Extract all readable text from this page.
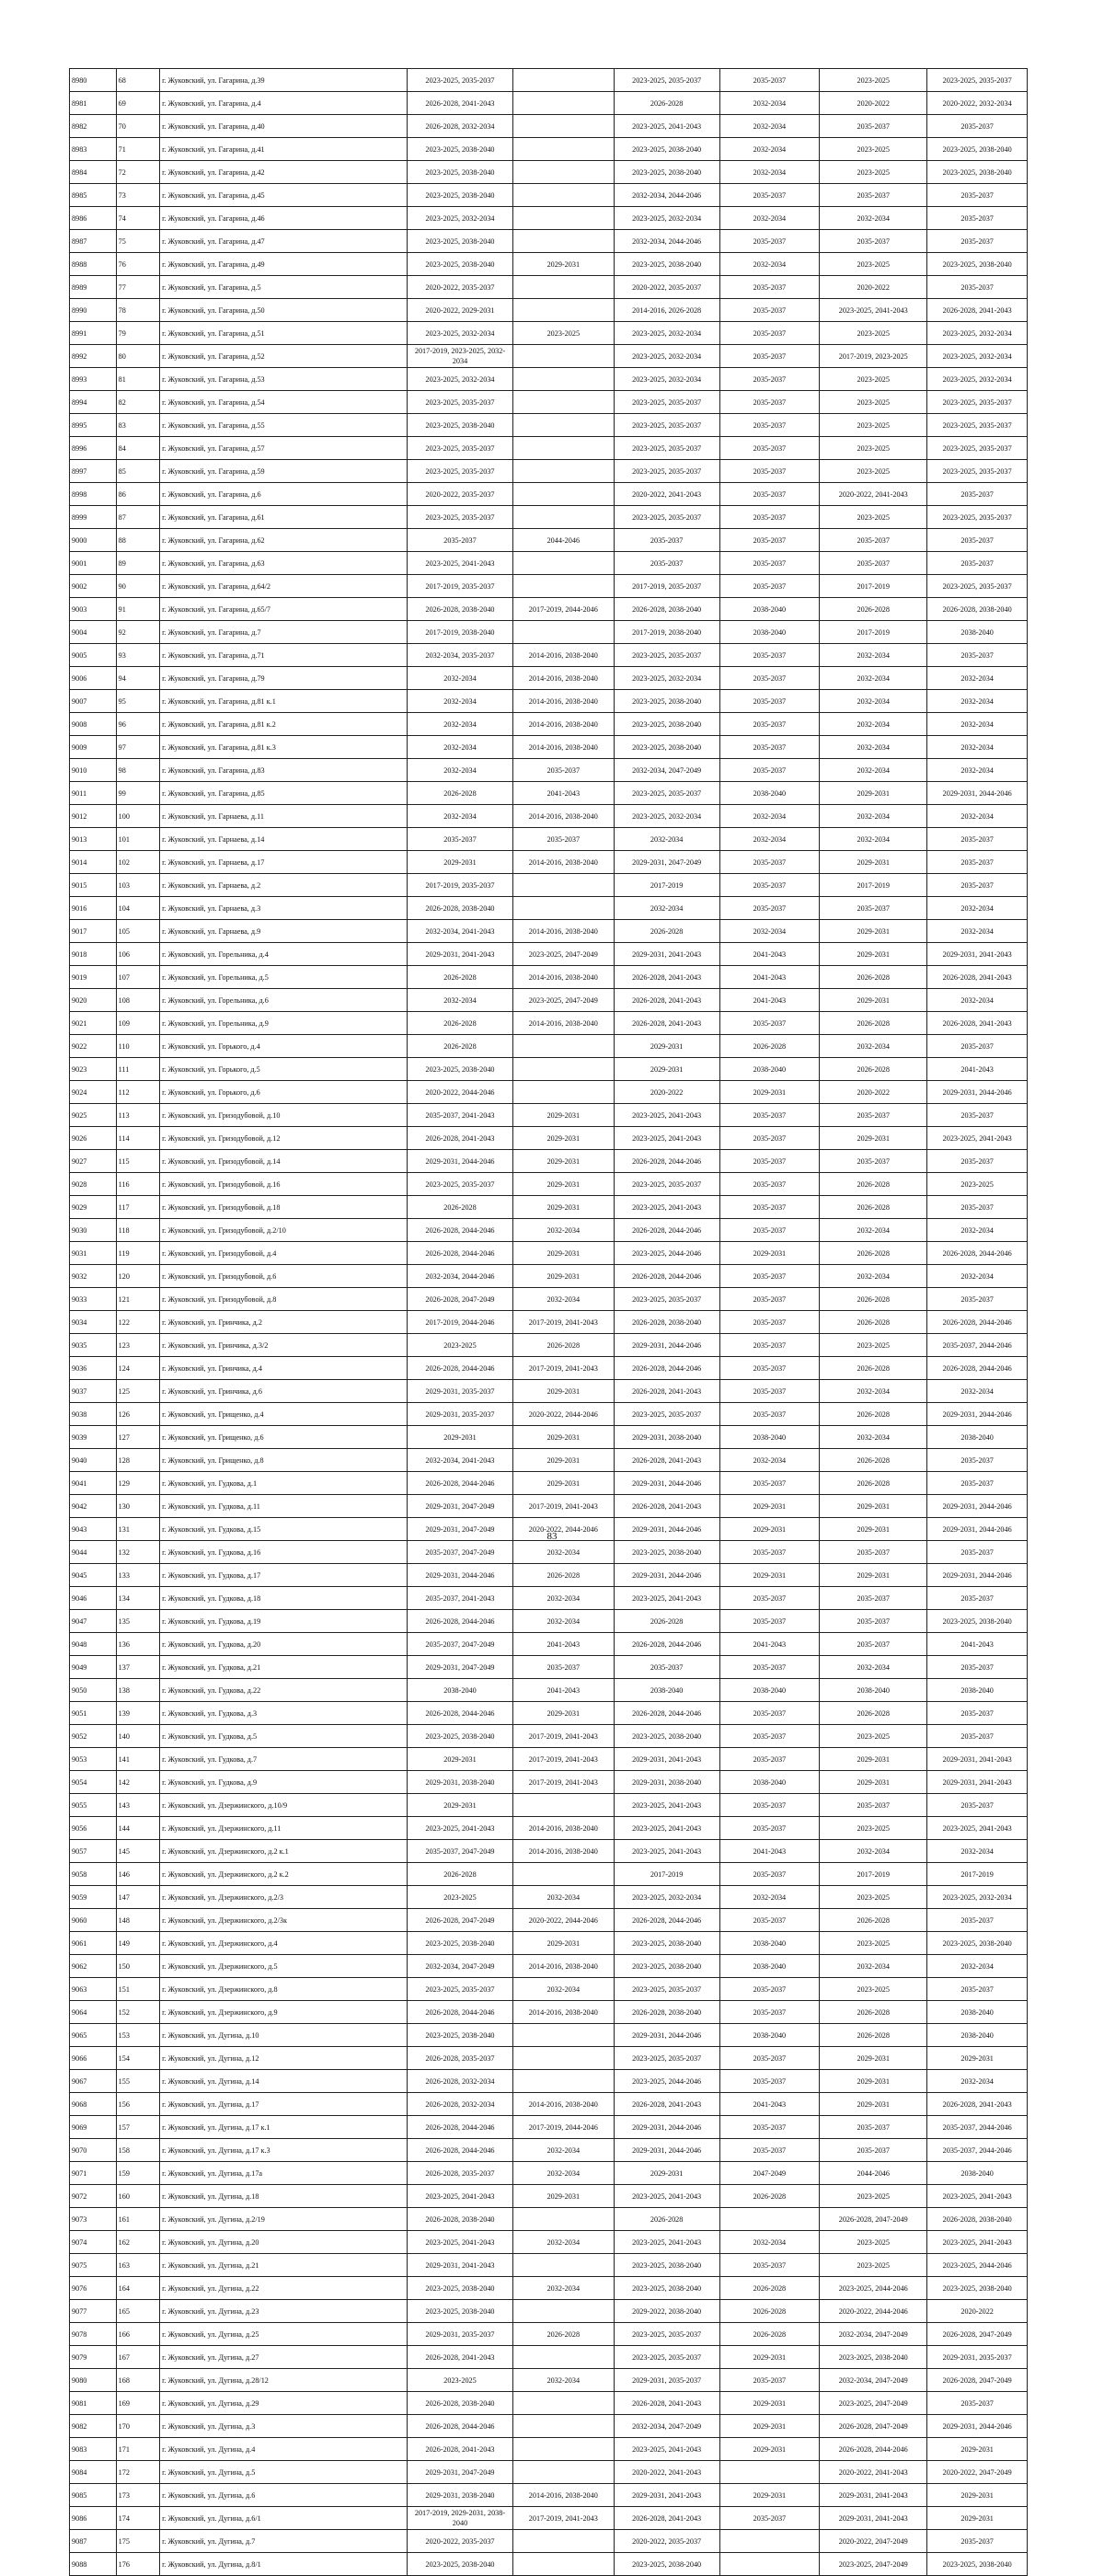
8980	68	г. Жуковский, ул. Гагарина, д.39	2023-2025, 2035-2037		2023-2025, 2035-2037	2035-2037	2023-2025	2023-2025, 2035-2037
8981	69	г. Жуковский, ул. Гагарина, д.4	2026-2028, 2041-2043		2026-2028	2032-2034	2020-2022	2020-2022, 2032-2034
8982	70	г. Жуковский, ул. Гагарина, д.40	2026-2028, 2032-2034		2023-2025, 2041-2043	2032-2034	2035-2037	2035-2037
8983	71	г. Жуковский, ул. Гагарина, д.41	2023-2025, 2038-2040		2023-2025, 2038-2040	2032-2034	2023-2025	2023-2025, 2038-2040
8984	72	г. Жуковский, ул. Гагарина, д.42	2023-2025, 2038-2040		2023-2025, 2038-2040	2032-2034	2023-2025	2023-2025, 2038-2040
8985	73	г. Жуковский, ул. Гагарина, д.45	2023-2025, 2038-2040		2032-2034, 2044-2046	2035-2037	2035-2037	2035-2037
8986	74	г. Жуковский, ул. Гагарина, д.46	2023-2025, 2032-2034		2023-2025, 2032-2034	2032-2034	2032-2034	2035-2037
8987	75	г. Жуковский, ул. Гагарина, д.47	2023-2025, 2038-2040		2032-2034, 2044-2046	2035-2037	2035-2037	2035-2037
8988	76	г. Жуковский, ул. Гагарина, д.49	2023-2025, 2038-2040	2029-2031	2023-2025, 2038-2040	2032-2034	2023-2025	2023-2025, 2038-2040
8989	77	г. Жуковский, ул. Гагарина, д.5	2020-2022, 2035-2037		2020-2022, 2035-2037	2035-2037	2020-2022	2035-2037
8990	78	г. Жуковский, ул. Гагарина, д.50	2020-2022, 2029-2031		2014-2016, 2026-2028	2035-2037	2023-2025, 2041-2043	2026-2028, 2041-2043
8991	79	г. Жуковский, ул. Гагарина, д.51	2023-2025, 2032-2034	2023-2025	2023-2025, 2032-2034	2035-2037	2023-2025	2023-2025, 2032-2034
8992	80	г. Жуковский, ул. Гагарина, д.52	2017-2019, 2023-2025, 2032-2034		2023-2025, 2032-2034	2035-2037	2017-2019, 2023-2025	2023-2025, 2032-2034
8993	81	г. Жуковский, ул. Гагарина, д.53	2023-2025, 2032-2034		2023-2025, 2032-2034	2035-2037	2023-2025	2023-2025, 2032-2034
8994	82	г. Жуковский, ул. Гагарина, д.54	2023-2025, 2035-2037		2023-2025, 2035-2037	2035-2037	2023-2025	2023-2025, 2035-2037
8995	83	г. Жуковский, ул. Гагарина, д.55	2023-2025, 2038-2040		2023-2025, 2035-2037	2035-2037	2023-2025	2023-2025, 2035-2037
8996	84	г. Жуковский, ул. Гагарина, д.57	2023-2025, 2035-2037		2023-2025, 2035-2037	2035-2037	2023-2025	2023-2025, 2035-2037
8997	85	г. Жуковский, ул. Гагарина, д.59	2023-2025, 2035-2037		2023-2025, 2035-2037	2035-2037	2023-2025	2023-2025, 2035-2037
8998	86	г. Жуковский, ул. Гагарина, д.6	2020-2022, 2035-2037		2020-2022, 2041-2043	2035-2037	2020-2022, 2041-2043	2035-2037
8999	87	г. Жуковский, ул. Гагарина, д.61	2023-2025, 2035-2037		2023-2025, 2035-2037	2035-2037	2023-2025	2023-2025, 2035-2037
9000	88	г. Жуковский, ул. Гагарина, д.62	2035-2037	2044-2046	2035-2037	2035-2037	2035-2037	2035-2037
9001	89	г. Жуковский, ул. Гагарина, д.63	2023-2025, 2041-2043		2035-2037	2035-2037	2035-2037	2035-2037
9002	90	г. Жуковский, ул. Гагарина, д.64/2	2017-2019, 2035-2037		2017-2019, 2035-2037	2035-2037	2017-2019	2023-2025, 2035-2037
9003	91	г. Жуковский, ул. Гагарина, д.65/7	2026-2028, 2038-2040	2017-2019, 2044-2046	2026-2028, 2038-2040	2038-2040	2026-2028	2026-2028, 2038-2040
9004	92	г. Жуковский, ул. Гагарина, д.7	2017-2019, 2038-2040		2017-2019, 2038-2040	2038-2040	2017-2019	2038-2040
9005	93	г. Жуковский, ул. Гагарина, д.71	2032-2034, 2035-2037	2014-2016, 2038-2040	2023-2025, 2035-2037	2035-2037	2032-2034	2035-2037
9006	94	г. Жуковский, ул. Гагарина, д.79	2032-2034	2014-2016, 2038-2040	2023-2025, 2032-2034	2035-2037	2032-2034	2032-2034
9007	95	г. Жуковский, ул. Гагарина, д.81 к.1	2032-2034	2014-2016, 2038-2040	2023-2025, 2038-2040	2035-2037	2032-2034	2032-2034
9008	96	г. Жуковский, ул. Гагарина, д.81 к.2	2032-2034	2014-2016, 2038-2040	2023-2025, 2038-2040	2035-2037	2032-2034	2032-2034
9009	97	г. Жуковский, ул. Гагарина, д.81 к.3	2032-2034	2014-2016, 2038-2040	2023-2025, 2038-2040	2035-2037	2032-2034	2032-2034
9010	98	г. Жуковский, ул. Гагарина, д.83	2032-2034	2035-2037	2032-2034, 2047-2049	2035-2037	2032-2034	2032-2034
9011	99	г. Жуковский, ул. Гагарина, д.85	2026-2028	2041-2043	2023-2025, 2035-2037	2038-2040	2029-2031	2029-2031, 2044-2046
9012	100	г. Жуковский, ул. Гарнаева, д.11	2032-2034	2014-2016, 2038-2040	2023-2025, 2032-2034	2032-2034	2032-2034	2032-2034
9013	101	г. Жуковский, ул. Гарнаева, д.14	2035-2037	2035-2037	2032-2034	2032-2034	2032-2034	2035-2037
9014	102	г. Жуковский, ул. Гарнаева, д.17	2029-2031	2014-2016, 2038-2040	2029-2031, 2047-2049	2035-2037	2029-2031	2035-2037
9015	103	г. Жуковский, ул. Гарнаева, д.2	2017-2019, 2035-2037		2017-2019	2035-2037	2017-2019	2035-2037
9016	104	г. Жуковский, ул. Гарнаева, д.3	2026-2028, 2038-2040		2032-2034	2035-2037	2035-2037	2032-2034
9017	105	г. Жуковский, ул. Гарнаева, д.9	2032-2034, 2041-2043	2014-2016, 2038-2040	2026-2028	2032-2034	2029-2031	2032-2034
9018	106	г. Жуковский, ул. Горельника, д.4	2029-2031, 2041-2043	2023-2025, 2047-2049	2029-2031, 2041-2043	2041-2043	2029-2031	2029-2031, 2041-2043
9019	107	г. Жуковский, ул. Горельника, д.5	2026-2028	2014-2016, 2038-2040	2026-2028, 2041-2043	2041-2043	2026-2028	2026-2028, 2041-2043
9020	108	г. Жуковский, ул. Горельника, д.6	2032-2034	2023-2025, 2047-2049	2026-2028, 2041-2043	2041-2043	2029-2031	2032-2034
9021	109	г. Жуковский, ул. Горельника, д.9	2026-2028	2014-2016, 2038-2040	2026-2028, 2041-2043	2035-2037	2026-2028	2026-2028, 2041-2043
9022	110	г. Жуковский, ул. Горького, д.4	2026-2028		2029-2031	2026-2028	2032-2034	2035-2037
9023	111	г. Жуковский, ул. Горького, д.5	2023-2025, 2038-2040		2029-2031	2038-2040	2026-2028	2041-2043
9024	112	г. Жуковский, ул. Горького, д.6	2020-2022, 2044-2046		2020-2022	2029-2031	2020-2022	2029-2031, 2044-2046
9025	113	г. Жуковский, ул. Гризодубовой, д.10	2035-2037, 2041-2043	2029-2031	2023-2025, 2041-2043	2035-2037	2035-2037	2035-2037
9026	114	г. Жуковский, ул. Гризодубовой, д.12	2026-2028, 2041-2043	2029-2031	2023-2025, 2041-2043	2035-2037	2029-2031	2023-2025, 2041-2043
9027	115	г. Жуковский, ул. Гризодубовой, д.14	2029-2031, 2044-2046	2029-2031	2026-2028, 2044-2046	2035-2037	2035-2037	2035-2037
9028	116	г. Жуковский, ул. Гризодубовой, д.16	2023-2025, 2035-2037	2029-2031	2023-2025, 2035-2037	2035-2037	2026-2028	2023-2025
9029	117	г. Жуковский, ул. Гризодубовой, д.18	2026-2028	2029-2031	2023-2025, 2041-2043	2035-2037	2026-2028	2035-2037
9030	118	г. Жуковский, ул. Гризодубовой, д.2/10	2026-2028, 2044-2046	2032-2034	2026-2028, 2044-2046	2035-2037	2032-2034	2032-2034
9031	119	г. Жуковский, ул. Гризодубовой, д.4	2026-2028, 2044-2046	2029-2031	2023-2025, 2044-2046	2029-2031	2026-2028	2026-2028, 2044-2046
9032	120	г. Жуковский, ул. Гризодубовой, д.6	2032-2034, 2044-2046	2029-2031	2026-2028, 2044-2046	2035-2037	2032-2034	2032-2034
9033	121	г. Жуковский, ул. Гризодубовой, д.8	2026-2028, 2047-2049	2032-2034	2023-2025, 2035-2037	2035-2037	2026-2028	2035-2037
9034	122	г. Жуковский, ул. Гринчика, д.2	2017-2019, 2044-2046	2017-2019, 2041-2043	2026-2028, 2038-2040	2035-2037	2026-2028	2026-2028, 2044-2046
9035	123	г. Жуковский, ул. Гринчика, д.3/2	2023-2025	2026-2028	2029-2031, 2044-2046	2035-2037	2023-2025	2035-2037, 2044-2046
9036	124	г. Жуковский, ул. Гринчика, д.4	2026-2028, 2044-2046	2017-2019, 2041-2043	2026-2028, 2044-2046	2035-2037	2026-2028	2026-2028, 2044-2046
9037	125	г. Жуковский, ул. Гринчика, д.6	2029-2031, 2035-2037	2029-2031	2026-2028, 2041-2043	2035-2037	2032-2034	2032-2034
9038	126	г. Жуковский, ул. Грищенко, д.4	2029-2031, 2035-2037	2020-2022, 2044-2046	2023-2025, 2035-2037	2035-2037	2026-2028	2029-2031, 2044-2046
9039	127	г. Жуковский, ул. Грищенко, д.6	2029-2031	2029-2031	2029-2031, 2038-2040	2038-2040	2032-2034	2038-2040
9040	128	г. Жуковский, ул. Грищенко, д.8	2032-2034, 2041-2043	2029-2031	2026-2028, 2041-2043	2032-2034	2026-2028	2035-2037
9041	129	г. Жуковский, ул. Гудкова, д.1	2026-2028, 2044-2046	2029-2031	2029-2031, 2044-2046	2035-2037	2026-2028	2035-2037
9042	130	г. Жуковский, ул. Гудкова, д.11	2029-2031, 2047-2049	2017-2019, 2041-2043	2026-2028, 2041-2043	2029-2031	2029-2031	2029-2031, 2044-2046
9043	131	г. Жуковский, ул. Гудкова, д.15	2029-2031, 2047-2049	2020-2022, 2044-2046	2029-2031, 2044-2046	2029-2031	2029-2031	2029-2031, 2044-2046
9044	132	г. Жуковский, ул. Гудкова, д.16	2035-2037, 2047-2049	2032-2034	2023-2025, 2038-2040	2035-2037	2035-2037	2035-2037
9045	133	г. Жуковский, ул. Гудкова, д.17	2029-2031, 2044-2046	2026-2028	2029-2031, 2044-2046	2029-2031	2029-2031	2029-2031, 2044-2046
9046	134	г. Жуковский, ул. Гудкова, д.18	2035-2037, 2041-2043	2032-2034	2023-2025, 2041-2043	2035-2037	2035-2037	2035-2037
9047	135	г. Жуковский, ул. Гудкова, д.19	2026-2028, 2044-2046	2032-2034	2026-2028	2035-2037	2035-2037	2023-2025, 2038-2040
9048	136	г. Жуковский, ул. Гудкова, д.20	2035-2037, 2047-2049	2041-2043	2026-2028, 2044-2046	2041-2043	2035-2037	2041-2043
9049	137	г. Жуковский, ул. Гудкова, д.21	2029-2031, 2047-2049	2035-2037	2035-2037	2035-2037	2032-2034	2035-2037
9050	138	г. Жуковский, ул. Гудкова, д.22	2038-2040	2041-2043	2038-2040	2038-2040	2038-2040	2038-2040
9051	139	г. Жуковский, ул. Гудкова, д.3	2026-2028, 2044-2046	2029-2031	2026-2028, 2044-2046	2035-2037	2026-2028	2035-2037
9052	140	г. Жуковский, ул. Гудкова, д.5	2023-2025, 2038-2040	2017-2019, 2041-2043	2023-2025, 2038-2040	2035-2037	2023-2025	2035-2037
9053	141	г. Жуковский, ул. Гудкова, д.7	2029-2031	2017-2019, 2041-2043	2029-2031, 2041-2043	2035-2037	2029-2031	2029-2031, 2041-2043
9054	142	г. Жуковский, ул. Гудкова, д.9	2029-2031, 2038-2040	2017-2019, 2041-2043	2029-2031, 2038-2040	2038-2040	2029-2031	2029-2031, 2041-2043
9055	143	г. Жуковский, ул. Дзержинского, д.10/9	2029-2031		2023-2025, 2041-2043	2035-2037	2035-2037	2035-2037
9056	144	г. Жуковский, ул. Дзержинского, д.11	2023-2025, 2041-2043	2014-2016, 2038-2040	2023-2025, 2041-2043	2035-2037	2023-2025	2023-2025, 2041-2043
9057	145	г. Жуковский, ул. Дзержинского, д.2 к.1	2035-2037, 2047-2049	2014-2016, 2038-2040	2023-2025, 2041-2043	2041-2043	2032-2034	2032-2034
9058	146	г. Жуковский, ул. Дзержинского, д.2 к.2	2026-2028		2017-2019	2035-2037	2017-2019	2017-2019
9059	147	г. Жуковский, ул. Дзержинского, д.2/3	2023-2025	2032-2034	2023-2025, 2032-2034	2032-2034	2023-2025	2023-2025, 2032-2034
9060	148	г. Жуковский, ул. Дзержинского, д.2/3к	2026-2028, 2047-2049	2020-2022, 2044-2046	2026-2028, 2044-2046	2035-2037	2026-2028	2035-2037
9061	149	г. Жуковский, ул. Дзержинского, д.4	2023-2025, 2038-2040	2029-2031	2023-2025, 2038-2040	2038-2040	2023-2025	2023-2025, 2038-2040
9062	150	г. Жуковский, ул. Дзержинского, д.5	2032-2034, 2047-2049	2014-2016, 2038-2040	2023-2025, 2038-2040	2038-2040	2032-2034	2032-2034
9063	151	г. Жуковский, ул. Дзержинского, д.8	2023-2025, 2035-2037	2032-2034	2023-2025, 2035-2037	2035-2037	2023-2025	2035-2037
9064	152	г. Жуковский, ул. Дзержинского, д.9	2026-2028, 2044-2046	2014-2016, 2038-2040	2026-2028, 2038-2040	2035-2037	2026-2028	2038-2040
9065	153	г. Жуковский, ул. Дугина, д.10	2023-2025, 2038-2040		2029-2031, 2044-2046	2038-2040	2026-2028	2038-2040
9066	154	г. Жуковский, ул. Дугина, д.12	2026-2028, 2035-2037		2023-2025, 2035-2037	2035-2037	2029-2031	2029-2031
9067	155	г. Жуковский, ул. Дугина, д.14	2026-2028, 2032-2034		2023-2025, 2044-2046	2035-2037	2029-2031	2032-2034
9068	156	г. Жуковский, ул. Дугина, д.17	2026-2028, 2032-2034	2014-2016, 2038-2040	2026-2028, 2041-2043	2041-2043	2029-2031	2026-2028, 2041-2043
9069	157	г. Жуковский, ул. Дугина, д.17 к.1	2026-2028, 2044-2046	2017-2019, 2044-2046	2029-2031, 2044-2046	2035-2037	2035-2037	2035-2037, 2044-2046
9070	158	г. Жуковский, ул. Дугина, д.17 к.3	2026-2028, 2044-2046	2032-2034	2029-2031, 2044-2046	2035-2037	2035-2037	2035-2037, 2044-2046
9071	159	г. Жуковский, ул. Дугина, д.17а	2026-2028, 2035-2037	2032-2034	2029-2031	2047-2049	2044-2046	2038-2040
9072	160	г. Жуковский, ул. Дугина, д.18	2023-2025, 2041-2043	2029-2031	2023-2025, 2041-2043	2026-2028	2023-2025	2023-2025, 2041-2043
9073	161	г. Жуковский, ул. Дугина, д.2/19	2026-2028, 2038-2040		2026-2028		2026-2028, 2047-2049	2026-2028, 2038-2040
9074	162	г. Жуковский, ул. Дугина, д.20	2023-2025, 2041-2043	2032-2034	2023-2025, 2041-2043	2032-2034	2023-2025	2023-2025, 2041-2043
9075	163	г. Жуковский, ул. Дугина, д.21	2029-2031, 2041-2043		2023-2025, 2038-2040	2035-2037	2023-2025	2023-2025, 2044-2046
9076	164	г. Жуковский, ул. Дугина, д.22	2023-2025, 2038-2040	2032-2034	2023-2025, 2038-2040	2026-2028	2023-2025, 2044-2046	2023-2025, 2038-2040
9077	165	г. Жуковский, ул. Дугина, д.23	2023-2025, 2038-2040		2029-2022, 2038-2040	2026-2028	2020-2022, 2044-2046	2020-2022
9078	166	г. Жуковский, ул. Дугина, д.25	2029-2031, 2035-2037	2026-2028	2023-2025, 2035-2037	2026-2028	2032-2034, 2047-2049	2026-2028, 2047-2049
9079	167	г. Жуковский, ул. Дугина, д.27	2026-2028, 2041-2043		2023-2025, 2035-2037	2029-2031	2023-2025, 2038-2040	2029-2031, 2035-2037
9080	168	г. Жуковский, ул. Дугина, д.28/12	2023-2025	2032-2034	2029-2031, 2035-2037	2035-2037	2032-2034, 2047-2049	2026-2028, 2047-2049
9081	169	г. Жуковский, ул. Дугина, д.29	2026-2028, 2038-2040		2026-2028, 2041-2043	2029-2031	2023-2025, 2047-2049	2035-2037
9082	170	г. Жуковский, ул. Дугина, д.3	2026-2028, 2044-2046		2032-2034, 2047-2049	2029-2031	2026-2028, 2047-2049	2029-2031, 2044-2046
9083	171	г. Жуковский, ул. Дугина, д.4	2026-2028, 2041-2043		2023-2025, 2041-2043	2029-2031	2026-2028, 2044-2046	2029-2031
9084	172	г. Жуковский, ул. Дугина, д.5	2029-2031, 2047-2049		2020-2022, 2041-2043		2020-2022, 2041-2043	2020-2022, 2047-2049
9085	173	г. Жуковский, ул. Дугина, д.6	2029-2031, 2038-2040	2014-2016, 2038-2040	2029-2031, 2041-2043	2029-2031	2029-2031, 2041-2043	2029-2031
9086	174	г. Жуковский, ул. Дугина, д.6/1	2017-2019, 2029-2031, 2038-2040	2017-2019, 2041-2043	2026-2028, 2041-2043	2035-2037	2029-2031, 2041-2043	2029-2031
9087	175	г. Жуковский, ул. Дугина, д.7	2020-2022, 2035-2037		2020-2022, 2035-2037		2020-2022, 2047-2049	2035-2037
9088	176	г. Жуковский, ул. Дугина, д.8/1	2023-2025, 2038-2040		2023-2025, 2038-2040		2023-2025, 2047-2049	2023-2025, 2038-2040
83
